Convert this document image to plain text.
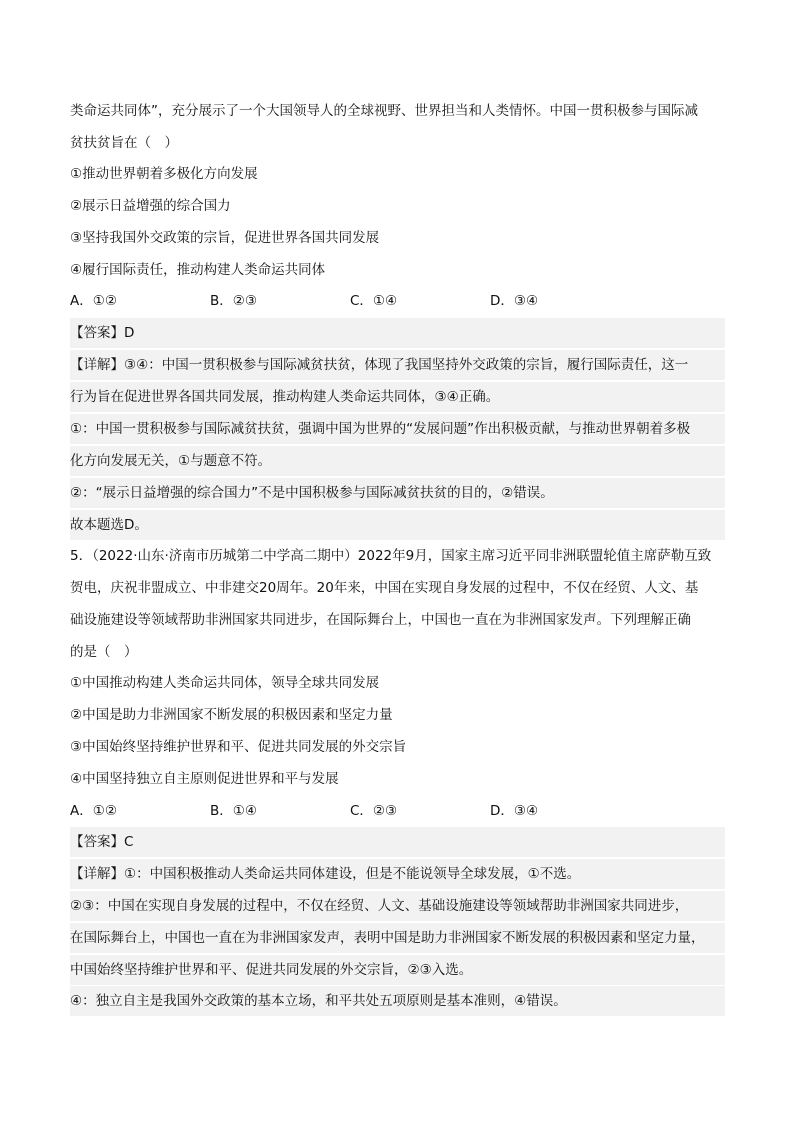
类命运共同体”，充分展示了一个大国领导人的全球视野、世界担当和人类情怀。中国一贯积极参与国际减
贫扶贫旨在（　）
①推动世界朝着多极化方向发展
②展示日益增强的综合国力
③坚持我国外交政策的宗旨，促进世界各国共同发展
④履行国际责任，推动构建人类命运共同体
A．①②	B．②③	C．①④	D．③④
【答案】D
【详解】③④：中国一贯积极参与国际减贫扶贫，体现了我国坚持外交政策的宗旨，履行国际责任，这一
行为旨在促进世界各国共同发展，推动构建人类命运共同体，③④正确。
①：中国一贯积极参与国际减贫扶贫，强调中国为世界的“发展问题”作出积极贡献，与推动世界朝着多极
化方向发展无关，①与题意不符。
②：“展示日益增强的综合国力”不是中国积极参与国际减贫扶贫的目的，②错误。
故本题选D。
5．（2022·山东·济南市历城第二中学高二期中）2022年9月，国家主席习近平同非洲联盟轮值主席萨勒互致
贺电，庆祝非盟成立、中非建交20周年。20年来，中国在实现自身发展的过程中，不仅在经贸、人文、基
础设施建设等领域帮助非洲国家共同进步，在国际舞台上，中国也一直在为非洲国家发声。下列理解正确
的是（　）
①中国推动构建人类命运共同体，领导全球共同发展
②中国是助力非洲国家不断发展的积极因素和坚定力量
③中国始终坚持维护世界和平、促进共同发展的外交宗旨
④中国坚持独立自主原则促进世界和平与发展
A．①②	B．①④	C．②③	D．③④
【答案】C
【详解】①：中国积极推动人类命运共同体建设，但是不能说领导全球发展，①不选。
②③：中国在实现自身发展的过程中，不仅在经贸、人文、基础设施建设等领域帮助非洲国家共同进步，
在国际舞台上，中国也一直在为非洲国家发声，表明中国是助力非洲国家不断发展的积极因素和坚定力量，
中国始终坚持维护世界和平、促进共同发展的外交宗旨，②③入选。
④：独立自主是我国外交政策的基本立场，和平共处五项原则是基本准则，④错误。
